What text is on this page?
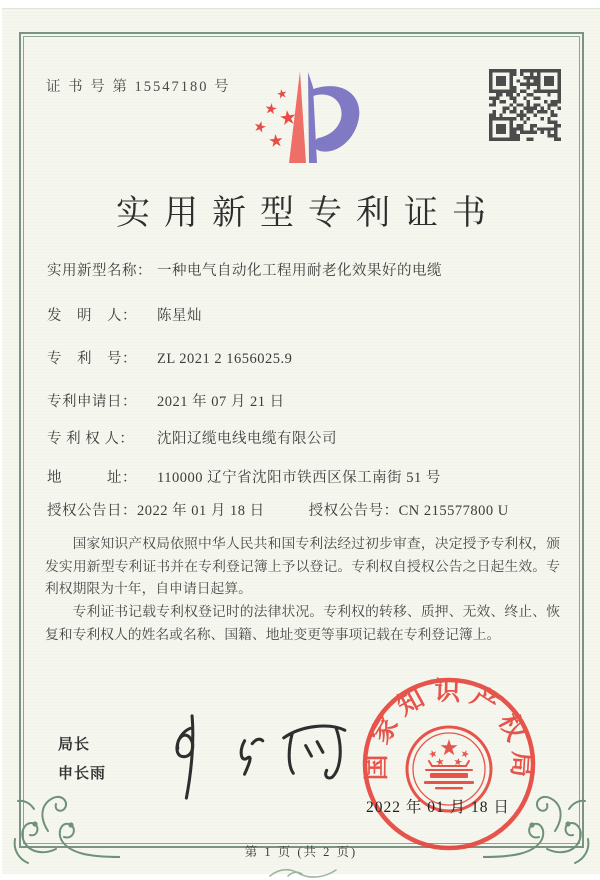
证 书 号 第 15547180 号
实用新型专利证书
实用新型名称： 一种电气自动化工程用耐老化效果好的电缆
发　明　人： 陈星灿
专　利　号： ZL 2021 2 1656025.9
专利申请日： 2021 年 07 月 21 日
专 利 权 人： 沈阳辽缆电线电缆有限公司
地　　　址： 110000 辽宁省沈阳市铁西区保工南街 51 号
授权公告日：2022 年 01 月 18 日	授权公告号：CN 215577800 U

国家知识产权局依照中华人民共和国专利法经过初步审查，决定授予专利权，颁发实用新型专利证书并在专利登记簿上予以登记。专利权自授权公告之日起生效。专利权期限为十年，自申请日起算。

专利证书记载专利权登记时的法律状况。专利权的转移、质押、无效、终止、恢复和专利权人的姓名或名称、国籍、地址变更等事项记载在专利登记簿上。

局长
申长雨	国家知识产权局
2022 年 01 月 18 日
第 1 页 (共 2 页)
